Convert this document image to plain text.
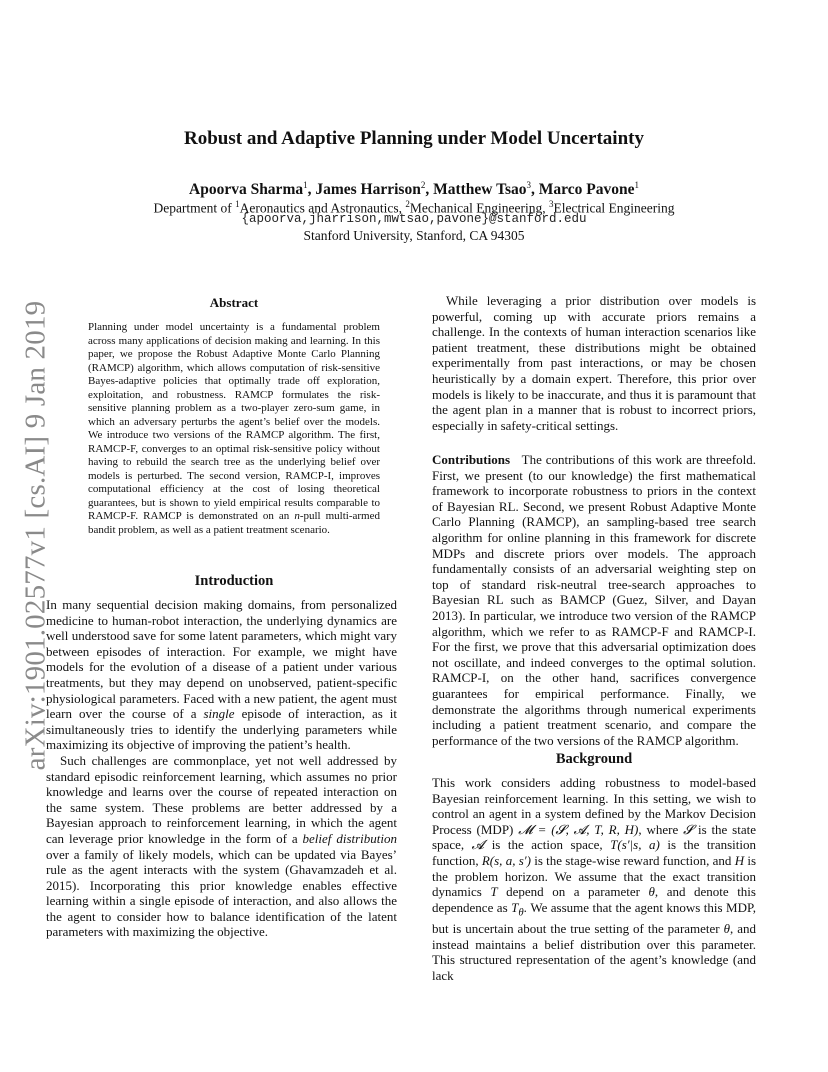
arXiv:1901.02577v1 [cs.AI] 9 Jan 2019
Robust and Adaptive Planning under Model Uncertainty
Apoorva Sharma$^1$, James Harrison$^2$, Matthew Tsao$^3$, Marco Pavone$^1$
Department of $^1$Aeronautics and Astronautics, $^2$Mechanical Engineering, $^3$Electrical Engineering
{apoorva,jharrison,mwtsao,pavone}@stanford.edu
Stanford University, Stanford, CA 94305
Abstract
Planning under model uncertainty is a fundamental problem across many applications of decision making and learning. In this paper, we propose the Robust Adaptive Monte Carlo Planning (RAMCP) algorithm, which allows computation of risk-sensitive Bayes-adaptive policies that optimally trade off exploration, exploitation, and robustness. RAMCP formulates the risk-sensitive planning problem as a two-player zero-sum game, in which an adversary perturbs the agent’s belief over the models. We introduce two versions of the RAMCP algorithm. The first, RAMCP-F, converges to an optimal risk-sensitive policy without having to rebuild the search tree as the underlying belief over models is perturbed. The second version, RAMCP-I, improves computational efficiency at the cost of losing theoretical guarantees, but is shown to yield empirical results comparable to RAMCP-F. RAMCP is demonstrated on an n-pull multi-armed bandit problem, as well as a patient treatment scenario.
Introduction

In many sequential decision making domains, from personalized medicine to human-robot interaction, the underlying dynamics are well understood save for some latent parameters, which might vary between episodes of interaction. For example, we might have models for the evolution of a disease of a patient under various treatments, but they may depend on unobserved, patient-specific physiological parameters. Faced with a new patient, the agent must learn over the course of a single episode of interaction, as it simultaneously tries to identify the underlying parameters while maximizing its objective of improving the patient’s health.

Such challenges are commonplace, yet not well addressed by standard episodic reinforcement learning, which assumes no prior knowledge and learns over the course of repeated interaction on the same system. These problems are better addressed by a Bayesian approach to reinforcement learning, in which the agent can leverage prior knowledge in the form of a belief distribution over a family of likely models, which can be updated via Bayes’ rule as the agent interacts with the system (Ghavamzadeh et al. 2015). Incorporating this prior knowledge enables effective learning within a single episode of interaction, and also allows the the agent to consider how to balance identification of the latent parameters with maximizing the objective.

While leveraging a prior distribution over models is powerful, coming up with accurate priors remains a challenge. In the contexts of human interaction scenarios like patient treatment, these distributions might be obtained experimentally from past interactions, or may be chosen heuristically by a domain expert. Therefore, this prior over models is likely to be inaccurate, and thus it is paramount that the agent plan in a manner that is robust to incorrect priors, especially in safety-critical settings.

Contributions The contributions of this work are threefold. First, we present (to our knowledge) the first mathematical framework to incorporate robustness to priors in the context of Bayesian RL. Second, we present Robust Adaptive Monte Carlo Planning (RAMCP), an sampling-based tree search algorithm for online planning in this framework for discrete MDPs and discrete priors over models. The approach fundamentally consists of an adversarial weighting step on top of standard risk-neutral tree-search approaches to Bayesian RL such as BAMCP (Guez, Silver, and Dayan 2013). In particular, we introduce two version of the RAMCP algorithm, which we refer to as RAMCP-F and RAMCP-I. For the first, we prove that this adversarial optimization does not oscillate, and indeed converges to the optimal solution. RAMCP-I, on the other hand, sacrifices convergence guarantees for empirical performance. Finally, we demonstrate the algorithms through numerical experiments including a patient treatment scenario, and compare the performance of the two versions of the RAMCP algorithm.

Background

This work considers adding robustness to model-based Bayesian reinforcement learning. In this setting, we wish to control an agent in a system defined by the Markov Decision Process (MDP) 𝓜 = (𝓢, 𝓐, T, R, H), where 𝓢 is the state space, 𝓐 is the action space, T(s′|s, a) is the transition function, R(s, a, s′) is the stage-wise reward function, and H is the problem horizon. We assume that the exact transition dynamics T depend on a parameter θ, and denote this dependence as $T_\theta$. We assume that the agent knows this MDP, but is uncertain about the true setting of the parameter θ, and instead maintains a belief distribution over this parameter. This structured representation of the agent’s knowledge (and lack
